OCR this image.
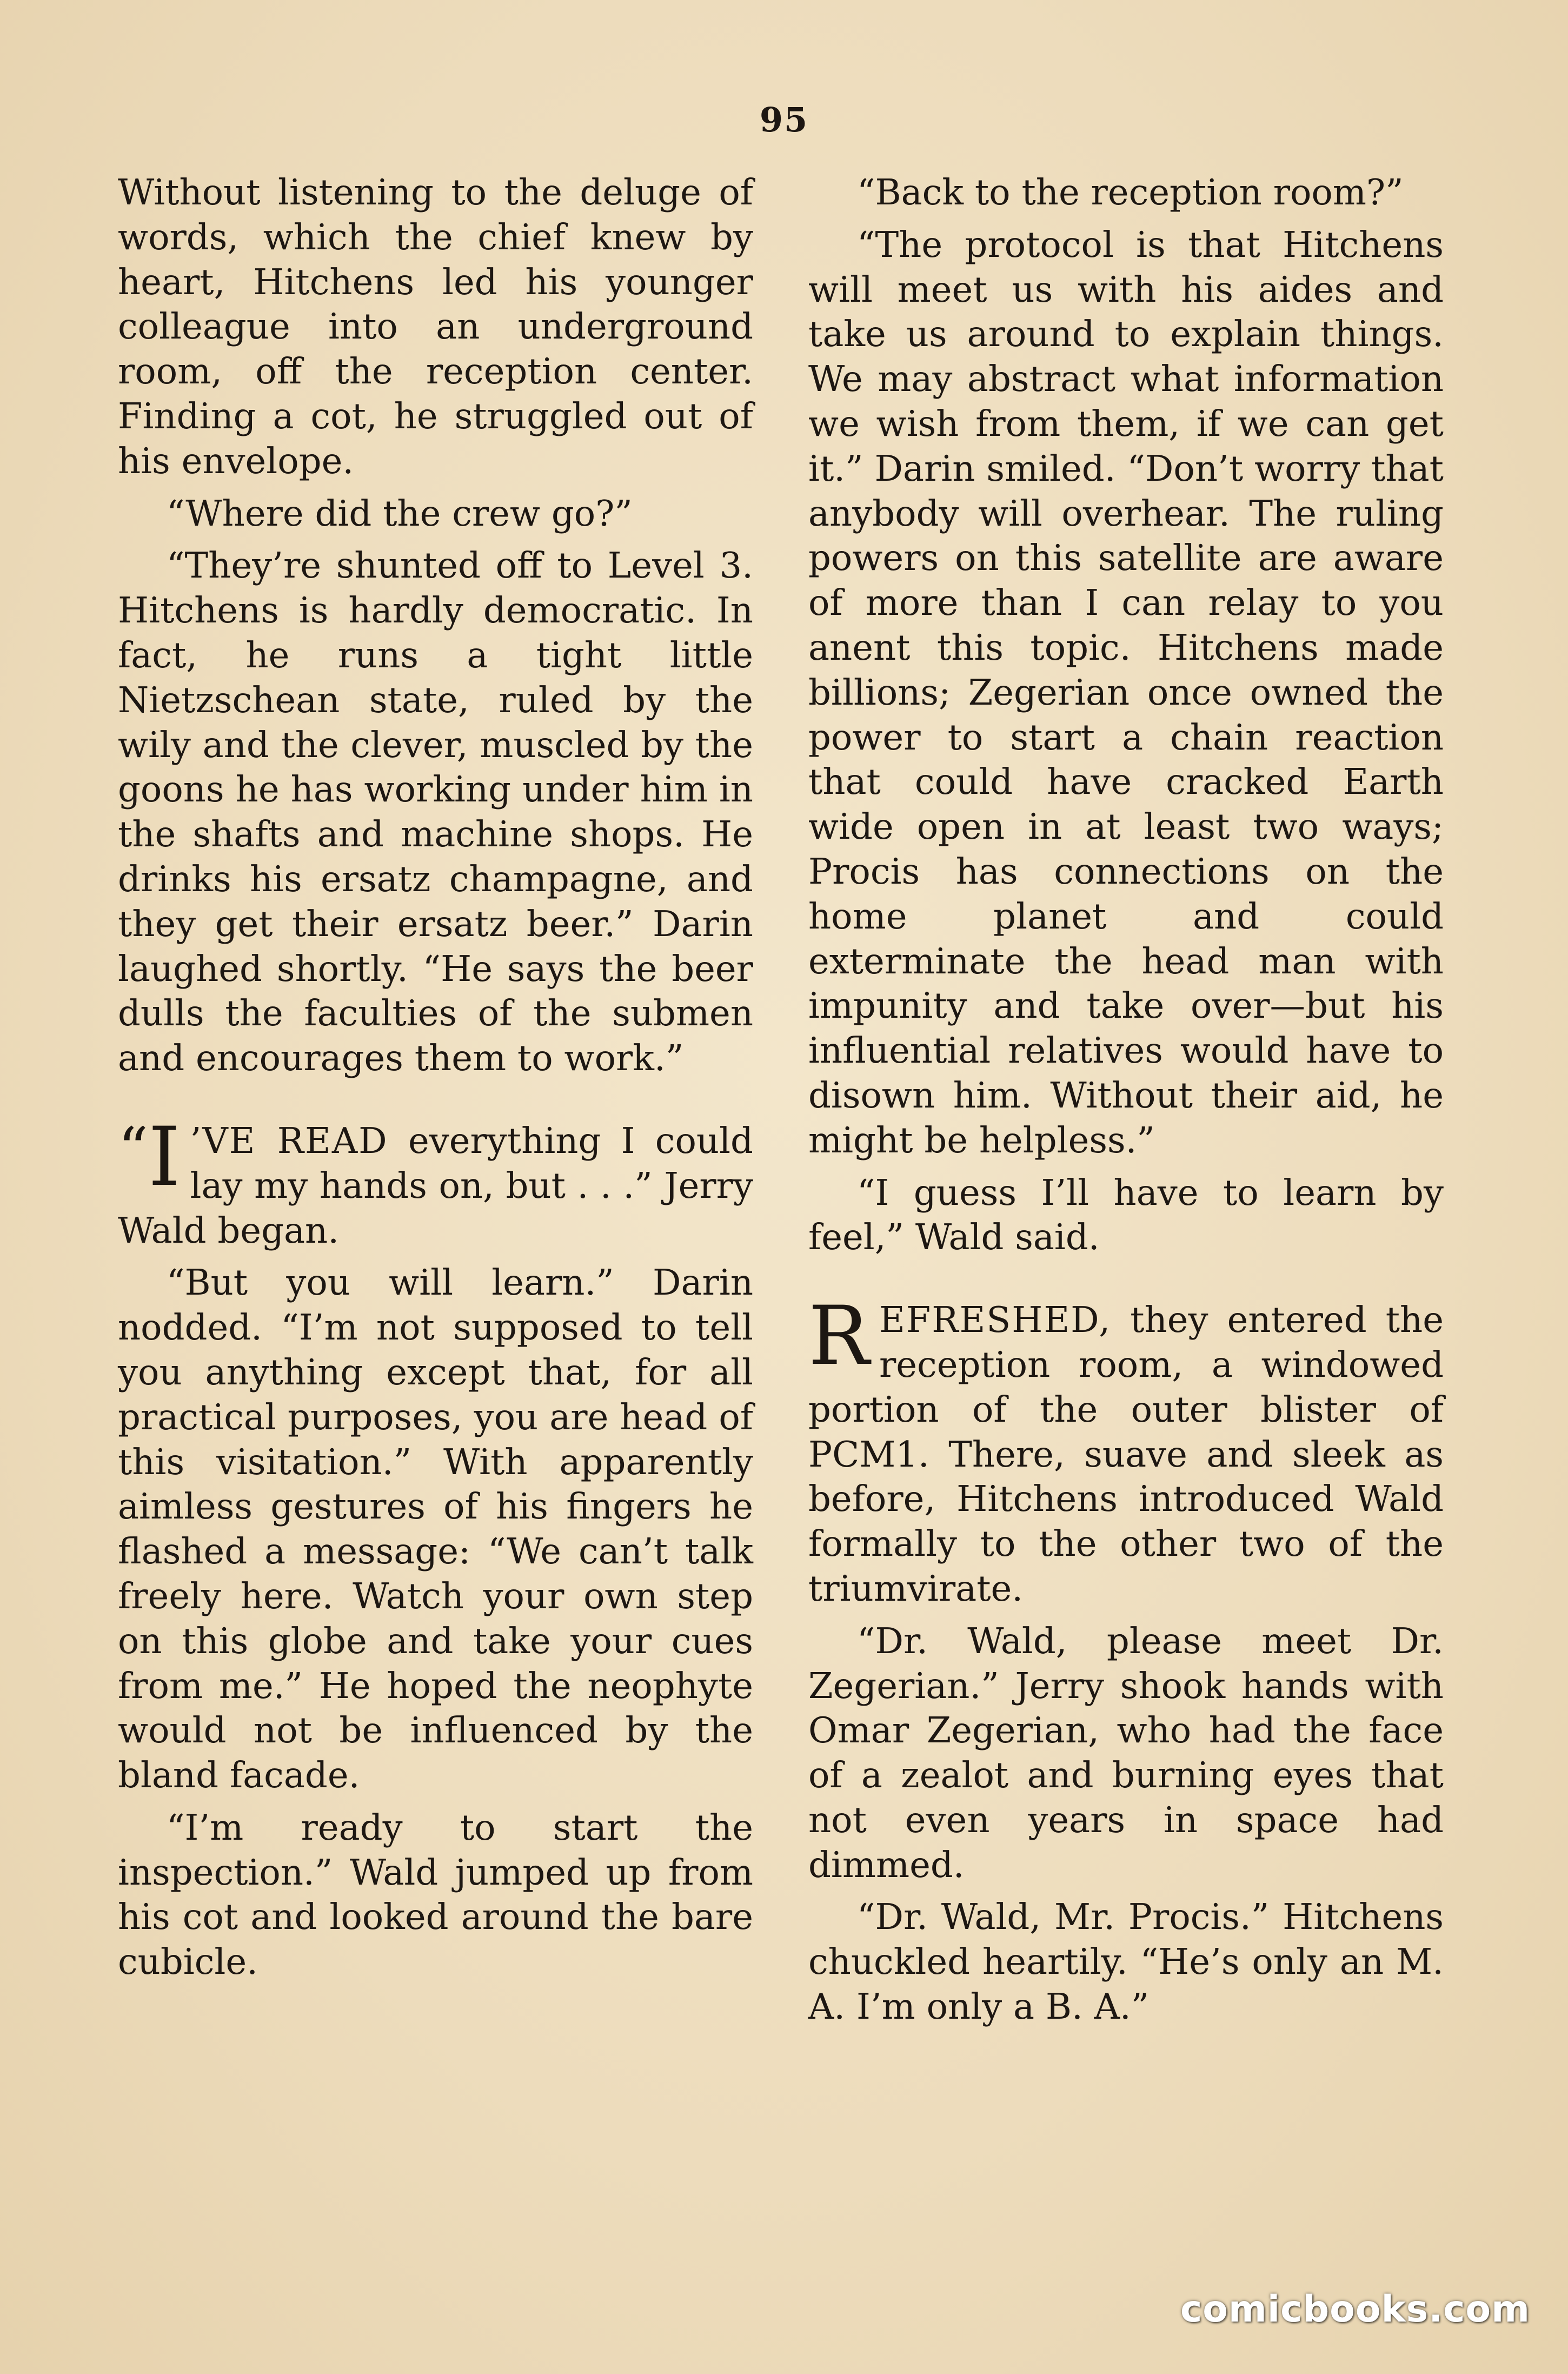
95

Without listening to the deluge of words, which the chief knew by heart, Hitchens led his younger colleague into an underground room, off the reception center. Finding a cot, he struggled out of his envelope.

“Where did the crew go?”

“They’re shunted off to Level 3. Hitchens is hardly democratic. In fact, he runs a tight little Nietzschean state, ruled by the wily and the clever, muscled by the goons he has working under him in the shafts and machine shops. He drinks his ersatz champagne, and they get their ersatz beer.” Darin laughed shortly. “He says the beer dulls the faculties of the submen and encourages them to work.”

“I ’VE READ everything I could lay my hands on, but . . .” Jerry Wald began.

“But you will learn.” Darin nodded. “I’m not supposed to tell you anything except that, for all practical purposes, you are head of this visitation.” With apparently aimless gestures of his fingers he flashed a message: “We can’t talk freely here. Watch your own step on this globe and take your cues from me.” He hoped the neophyte would not be influenced by the bland facade.

“I’m ready to start the inspection.” Wald jumped up from his cot and looked around the bare cubicle.

“Back to the reception room?”

“The protocol is that Hitchens will meet us with his aides and take us around to explain things. We may abstract what information we wish from them, if we can get it.” Darin smiled. “Don’t worry that anybody will overhear. The ruling powers on this satellite are aware of more than I can relay to you anent this topic. Hitchens made billions; Zegerian once owned the power to start a chain reaction that could have cracked Earth wide open in at least two ways; Procis has connections on the home planet and could exterminate the head man with impunity and take over—but his influential relatives would have to disown him. Without their aid, he might be helpless.”

“I guess I’ll have to learn by feel,” Wald said.

REFRESHED, they entered the reception room, a windowed portion of the outer blister of PCM1. There, suave and sleek as before, Hitchens introduced Wald formally to the other two of the triumvirate.

“Dr. Wald, please meet Dr. Zegerian.” Jerry shook hands with Omar Zegerian, who had the face of a zealot and burning eyes that not even years in space had dimmed.

“Dr. Wald, Mr. Procis.” Hitchens chuckled heartily. “He’s only an M. A. I’m only a B. A.”

comicbooks.com
